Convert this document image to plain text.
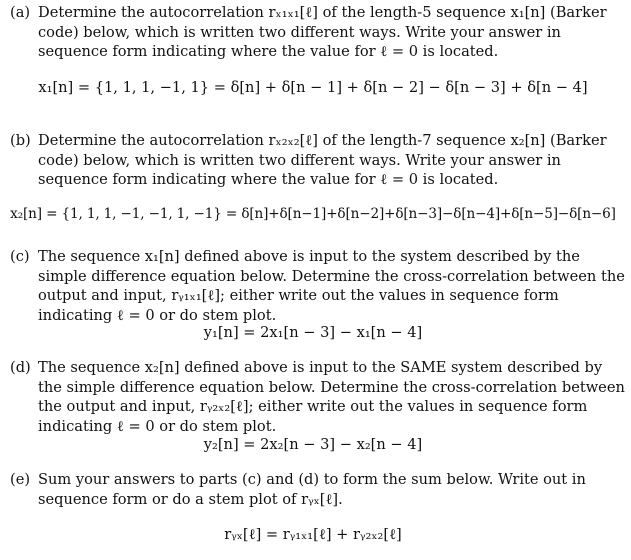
(a) Determine the autocorrelation rₓ₁ₓ₁[ℓ] of the length-5 sequence x₁[n] (Barker code) below, which is written two different ways. Write your answer in sequence form indicating where the value for ℓ = 0 is located.
x₁[n] = {1, 1, 1, −1, 1} = δ[n] + δ[n − 1] + δ[n − 2] − δ[n − 3] + δ[n − 4]
(b) Determine the autocorrelation rₓ₂ₓ₂[ℓ] of the length-7 sequence x₂[n] (Barker code) below, which is written two different ways. Write your answer in sequence form indicating where the value for ℓ = 0 is located.
x₂[n] = {1, 1, 1, −1, −1, 1, −1} = δ[n]+δ[n−1]+δ[n−2]+δ[n−3]−δ[n−4]+δ[n−5]−δ[n−6]
(c) The sequence x₁[n] defined above is input to the system described by the simple difference equation below. Determine the cross-correlation between the output and input, rᵧ₁ₓ₁[ℓ]; either write out the values in sequence form indicating ℓ = 0 or do stem plot.
y₁[n] = 2x₁[n − 3] − x₁[n − 4]
(d) The sequence x₂[n] defined above is input to the SAME system described by the simple difference equation below. Determine the cross-correlation between the output and input, rᵧ₂ₓ₂[ℓ]; either write out the values in sequence form indicating ℓ = 0 or do stem plot.
y₂[n] = 2x₂[n − 3] − x₂[n − 4]
(e) Sum your answers to parts (c) and (d) to form the sum below. Write out in sequence form or do a stem plot of rᵧₓ[ℓ].
rᵧₓ[ℓ] = rᵧ₁ₓ₁[ℓ] + rᵧ₂ₓ₂[ℓ]
